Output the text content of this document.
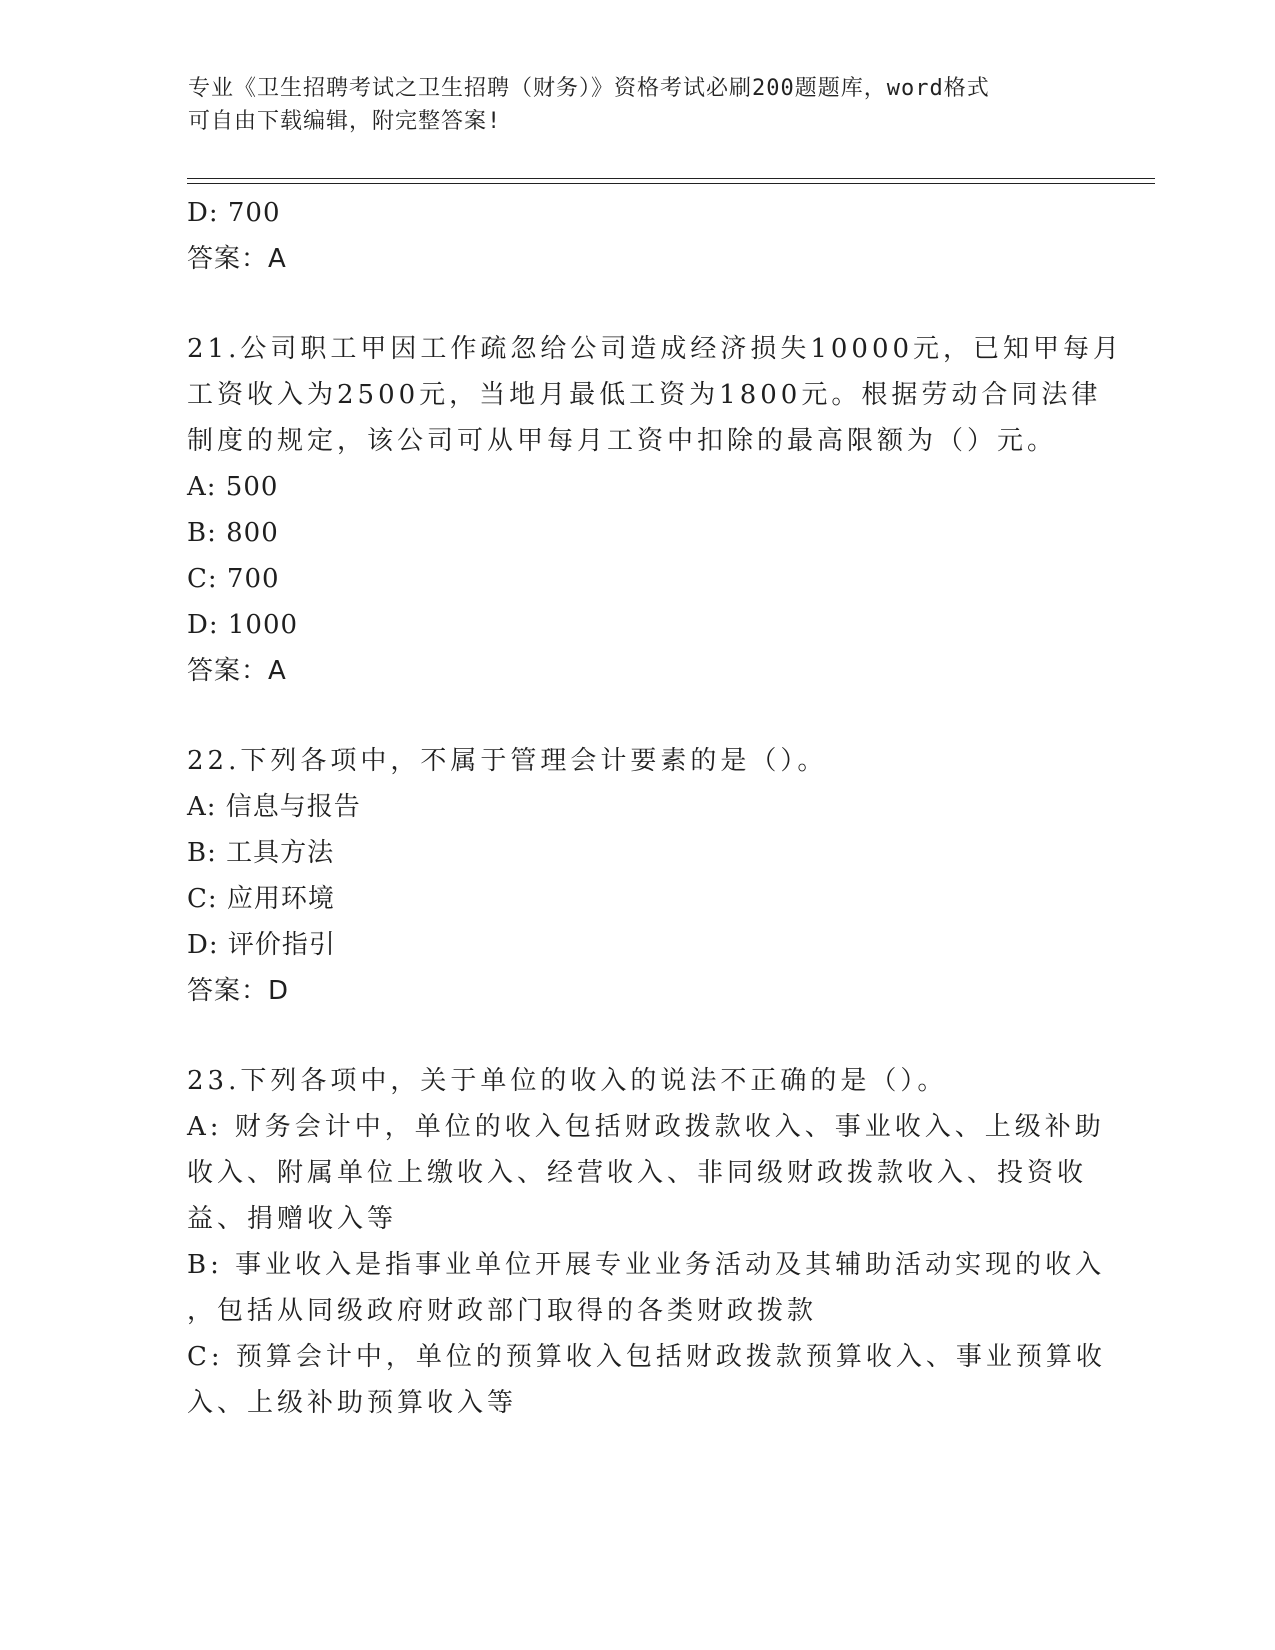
专业《卫生招聘考试之卫生招聘（财务）》资格考试必刷200题题库，word格式
可自由下载编辑，附完整答案!
D: 700
答案：A
21.公司职工甲因工作疏忽给公司造成经济损失10000元，已知甲每月
工资收入为2500元，当地月最低工资为1800元。根据劳动合同法律
制度的规定，该公司可从甲每月工资中扣除的最高限额为（）元。
A: 500
B: 800
C: 700
D: 1000
答案：A
22.下列各项中，不属于管理会计要素的是（）。
A: 信息与报告
B: 工具方法
C: 应用环境
D: 评价指引
答案：D
23.下列各项中，关于单位的收入的说法不正确的是（）。
A: 财务会计中，单位的收入包括财政拨款收入、事业收入、上级补助
收入、附属单位上缴收入、经营收入、非同级财政拨款收入、投资收
益、捐赠收入等
B: 事业收入是指事业单位开展专业业务活动及其辅助活动实现的收入
，包括从同级政府财政部门取得的各类财政拨款
C: 预算会计中，单位的预算收入包括财政拨款预算收入、事业预算收
入、上级补助预算收入等
